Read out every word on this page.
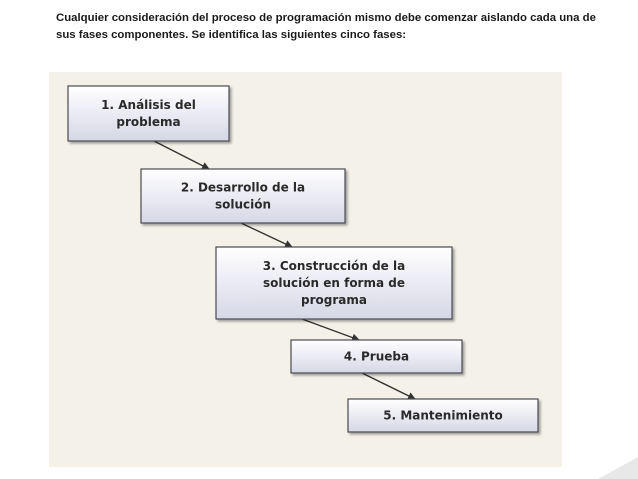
Cualquier consideración del proceso de programación mismo debe comenzar aislando cada una de sus fases componentes. Se identifica las siguientes cinco fases:

1. Análisis del
problema
2. Desarrollo de la
solución
3. Construcción de la
solución en forma de
programa
4. Prueba
5. Mantenimiento
